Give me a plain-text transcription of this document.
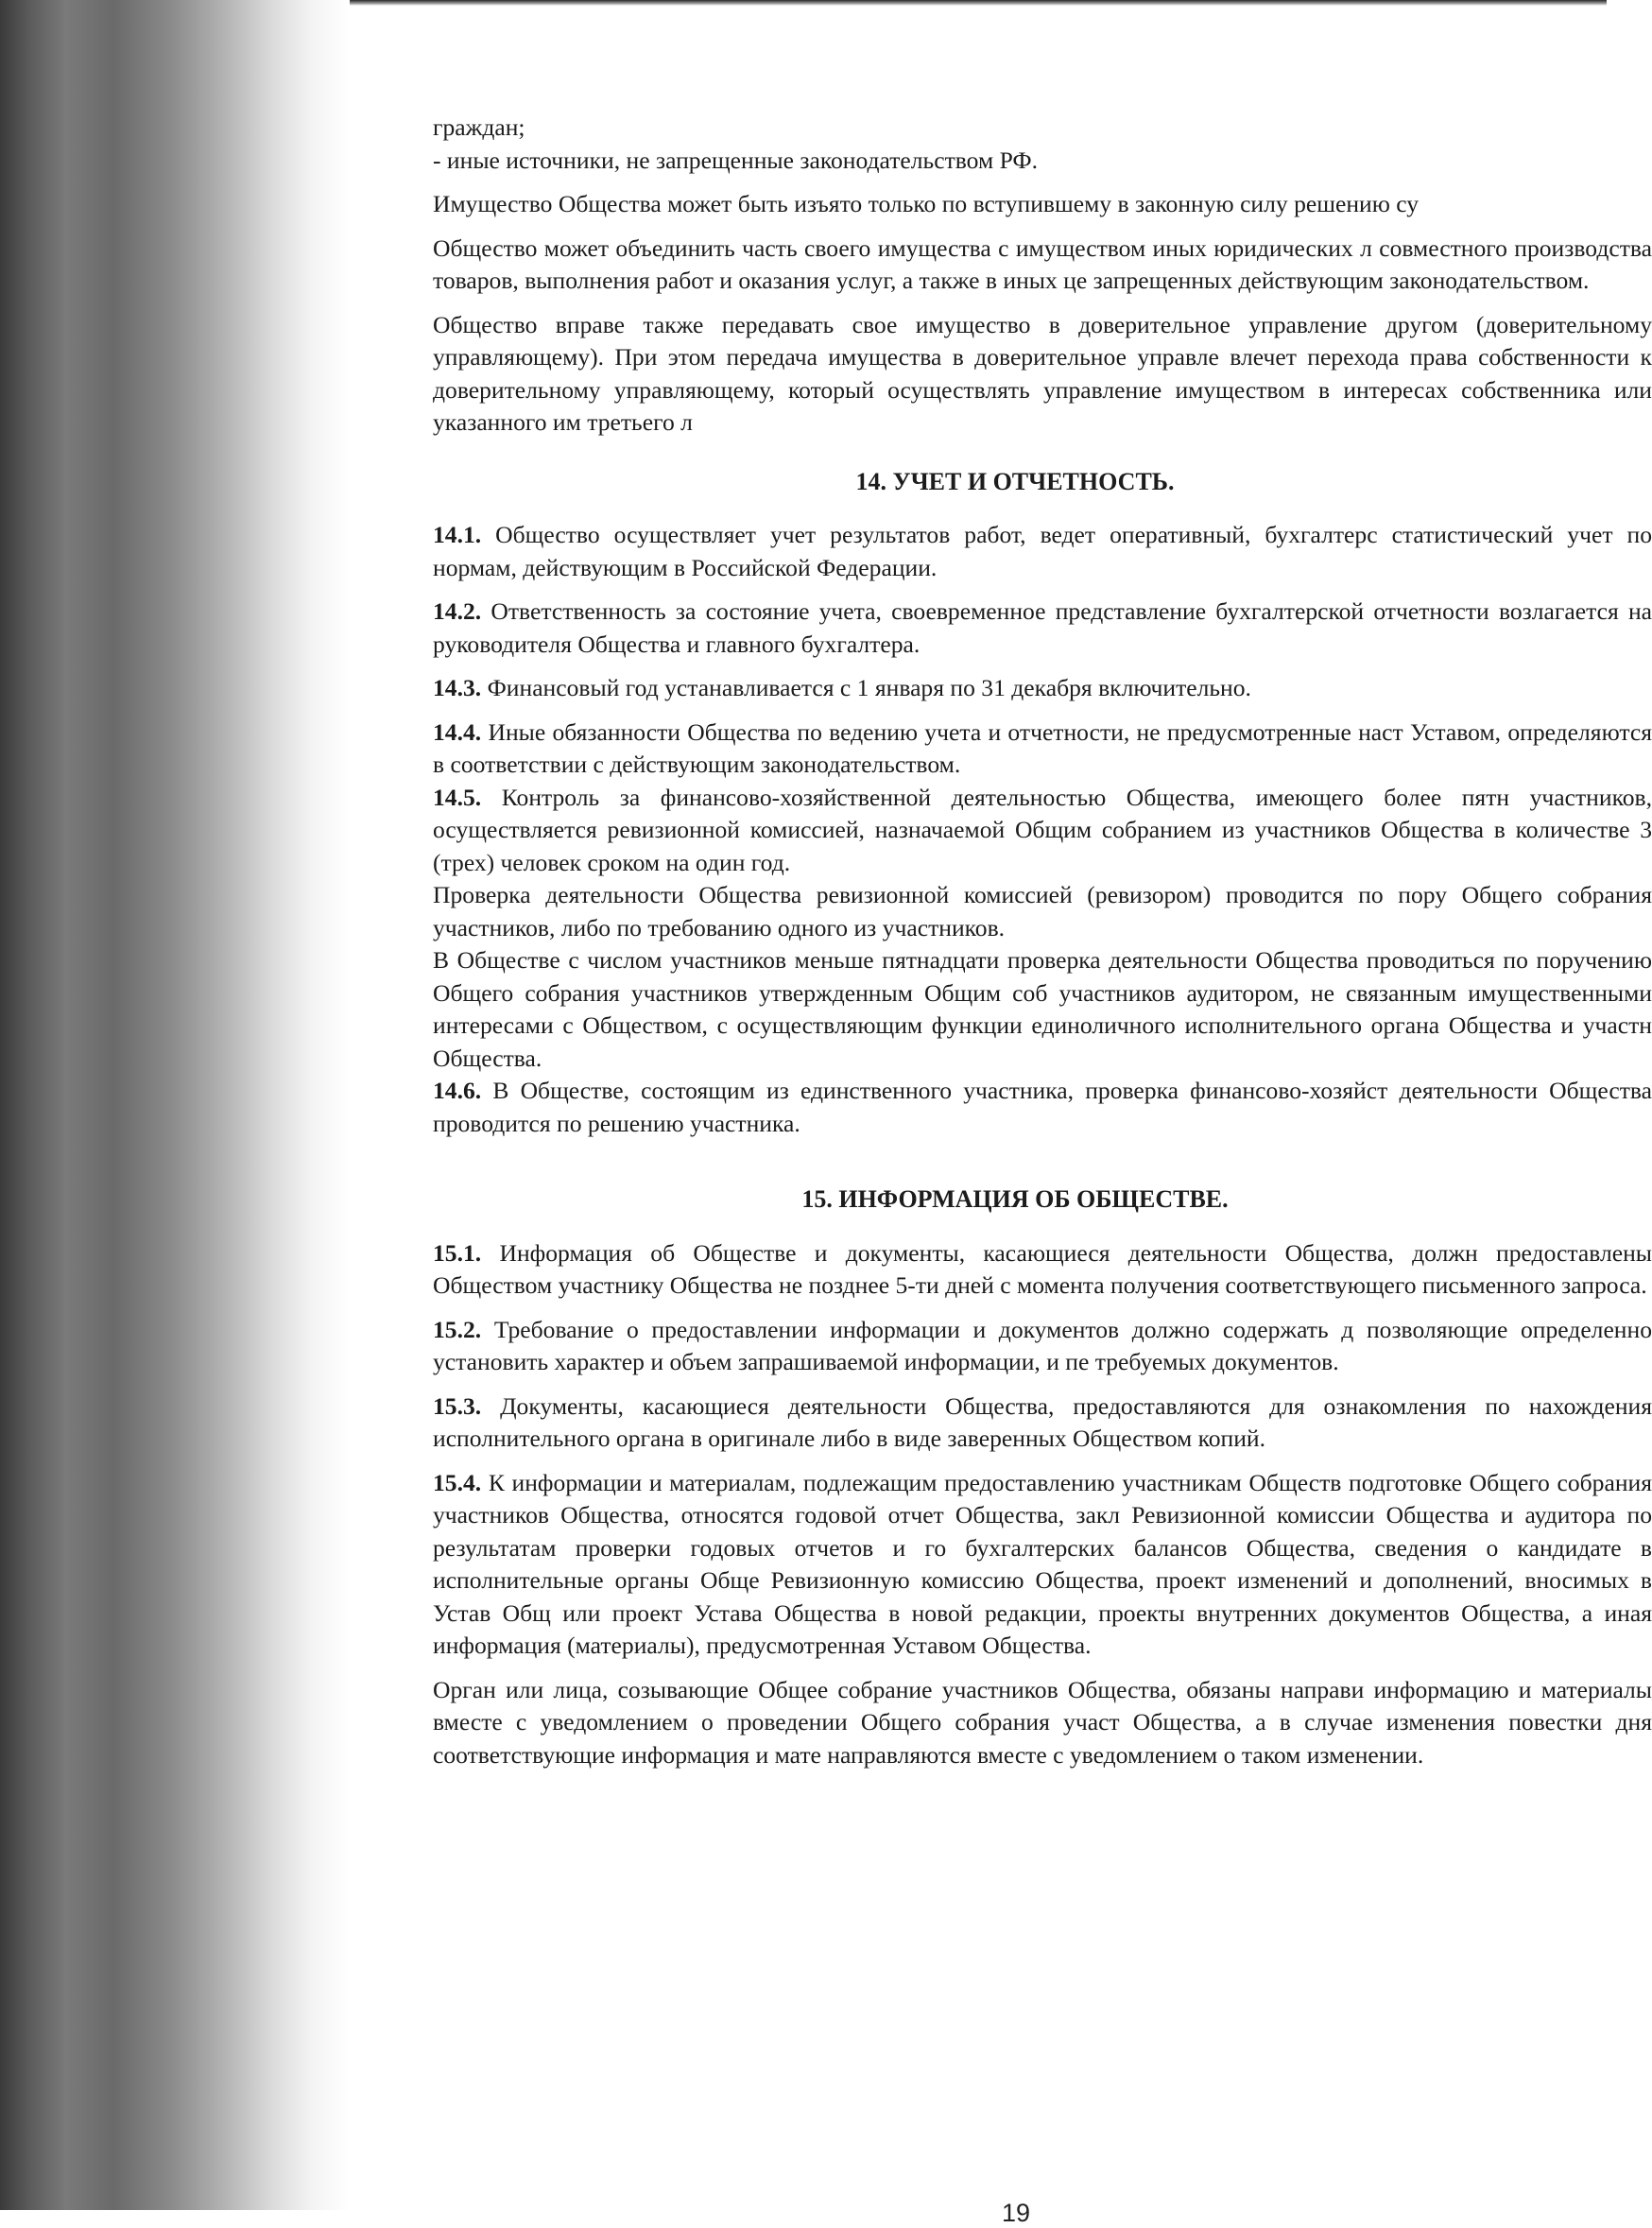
граждан;

- иные источники, не запрещенные законодательством РФ.

Имущество Общества может быть изъято только по вступившему в законную силу решению су

Общество может объединить часть своего имущества с имуществом иных юридических л совместного производства товаров, выполнения работ и оказания услуг, а также в иных це запрещенных действующим законодательством.

Общество вправе также передавать свое имущество в доверительное управление другом (доверительному управляющему). При этом передача имущества в доверительное управле влечет перехода права собственности к доверительному управляющему, который осуществлять управление имуществом в интересах собственника или указанного им третьего л

14. УЧЕТ И ОТЧЕТНОСТЬ.

14.1. Общество осуществляет учет результатов работ, ведет оперативный, бухгалтерс статистический учет по нормам, действующим в Российской Федерации.

14.2. Ответственность за состояние учета, своевременное представление бухгалтерской отчетности возлагается на руководителя Общества и главного бухгалтера.

14.3. Финансовый год устанавливается с 1 января по 31 декабря включительно.

14.4. Иные обязанности Общества по ведению учета и отчетности, не предусмотренные наст Уставом, определяются в соответствии с действующим законодательством.

14.5. Контроль за финансово-хозяйственной деятельностью Общества, имеющего более пятн участников, осуществляется ревизионной комиссией, назначаемой Общим собранием из участников Общества в количестве 3 (трех) человек сроком на один год.

Проверка деятельности Общества ревизионной комиссией (ревизором) проводится по пору Общего собрания участников, либо по требованию одного из участников.

В Обществе с числом участников меньше пятнадцати проверка деятельности Общества проводиться по поручению Общего собрания участников утвержденным Общим соб участников аудитором, не связанным имущественными интересами с Обществом, с осуществляющим функции единоличного исполнительного органа Общества и участн Общества.

14.6. В Обществе, состоящим из единственного участника, проверка финансово-хозяйст деятельности Общества проводится по решению участника.

15. ИНФОРМАЦИЯ ОБ ОБЩЕСТВЕ.

15.1. Информация об Обществе и документы, касающиеся деятельности Общества, должн предоставлены Обществом участнику Общества не позднее 5-ти дней с момента получения соответствующего письменного запроса.

15.2. Требование о предоставлении информации и документов должно содержать д позволяющие определенно установить характер и объем запрашиваемой информации, и пе требуемых документов.

15.3. Документы, касающиеся деятельности Общества, предоставляются для ознакомления по нахождения исполнительного органа в оригинале либо в виде заверенных Обществом копий.

15.4. К информации и материалам, подлежащим предоставлению участникам Обществ подготовке Общего собрания участников Общества, относятся годовой отчет Общества, закл Ревизионной комиссии Общества и аудитора по результатам проверки годовых отчетов и го бухгалтерских балансов Общества, сведения о кандидате в исполнительные органы Обще Ревизионную комиссию Общества, проект изменений и дополнений, вносимых в Устав Общ или проект Устава Общества в новой редакции, проекты внутренних документов Общества, а иная информация (материалы), предусмотренная Уставом Общества.

Орган или лица, созывающие Общее собрание участников Общества, обязаны направи информацию и материалы вместе с уведомлением о проведении Общего собрания участ Общества, а в случае изменения повестки дня соответствующие информация и мате направляются вместе с уведомлением о таком изменении.

19
